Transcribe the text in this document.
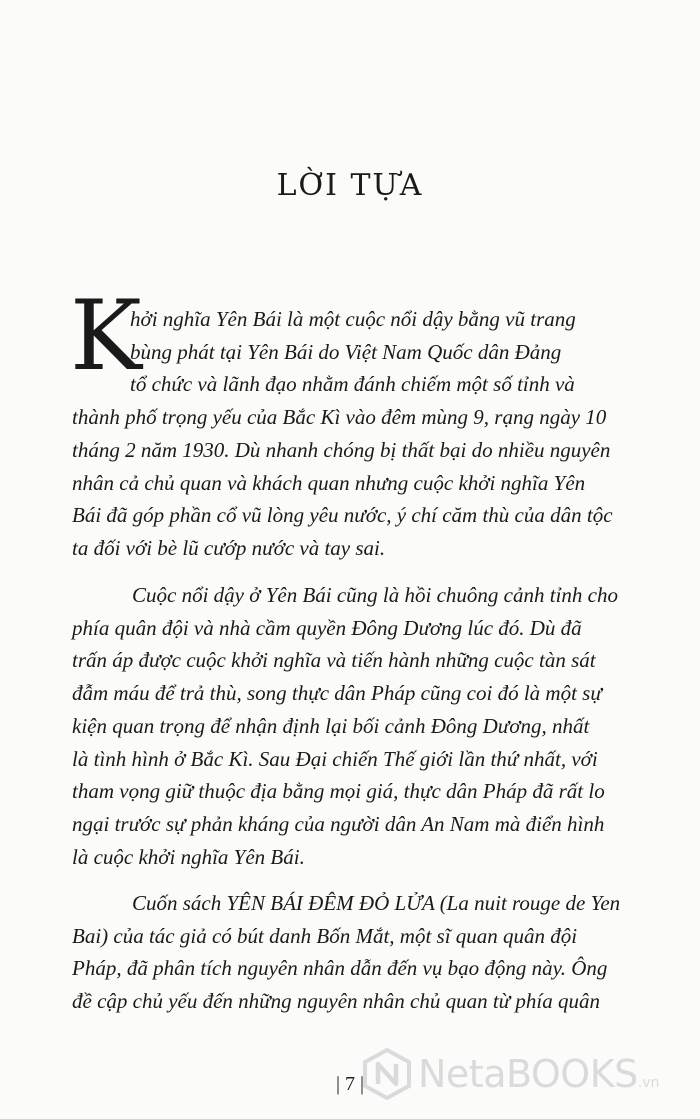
LỜI TỰA
K

hởi nghĩa Yên Bái là một cuộc nổi dậy bằng vũ trang
bùng phát tại Yên Bái do Việt Nam Quốc dân Đảng
tổ chức và lãnh đạo nhằm đánh chiếm một số tỉnh và
thành phố trọng yếu của Bắc Kì vào đêm mùng 9, rạng ngày 10
tháng 2 năm 1930. Dù nhanh chóng bị thất bại do nhiều nguyên
nhân cả chủ quan và khách quan nhưng cuộc khởi nghĩa Yên
Bái đã góp phần cổ vũ lòng yêu nước, ý chí căm thù của dân tộc
ta đối với bè lũ cướp nước và tay sai.

Cuộc nổi dậy ở Yên Bái cũng là hồi chuông cảnh tỉnh cho
phía quân đội và nhà cầm quyền Đông Dương lúc đó. Dù đã
trấn áp được cuộc khởi nghĩa và tiến hành những cuộc tàn sát
đẫm máu để trả thù, song thực dân Pháp cũng coi đó là một sự
kiện quan trọng để nhận định lại bối cảnh Đông Dương, nhất
là tình hình ở Bắc Kì. Sau Đại chiến Thế giới lần thứ nhất, với
tham vọng giữ thuộc địa bằng mọi giá, thực dân Pháp đã rất lo
ngại trước sự phản kháng của người dân An Nam mà điển hình
là cuộc khởi nghĩa Yên Bái.

Cuốn sách YÊN BÁI ĐÊM ĐỎ LỬA (La nuit rouge de Yen
Bai) của tác giả có bút danh Bốn Mắt, một sĩ quan quân đội
Pháp, đã phân tích nguyên nhân dẫn đến vụ bạo động này. Ông
đề cập chủ yếu đến những nguyên nhân chủ quan từ phía quân

| 7 |	NetaBOOKS .vn
